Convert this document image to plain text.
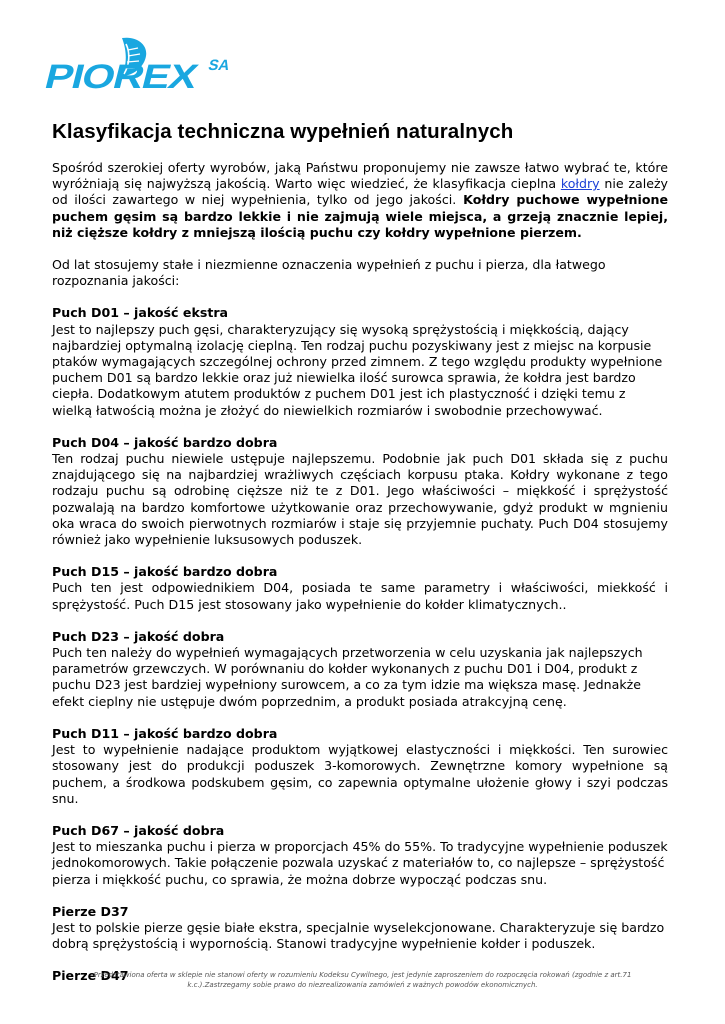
PIOREX	SA
Klasyfikacja techniczna wypełnień naturalnych

Spośród szerokiej oferty wyrobów, jaką Państwu proponujemy nie zawsze łatwo wybrać te, które wyróżniają się najwyższą jakością. Warto więc wiedzieć, że klasyfikacja cieplna kołdry nie zależy od ilości zawartego w niej wypełnienia, tylko od jego jakości. Kołdry puchowe wypełnione puchem gęsim są bardzo lekkie i nie zajmują wiele miejsca, a grzeją znacznie lepiej, niż cięższe kołdry z mniejszą ilością puchu czy kołdry wypełnione pierzem.

Od lat stosujemy stałe i niezmienne oznaczenia wypełnień z puchu i pierza, dla łatwego rozpoznania jakości:

Puch D01 – jakość ekstra
Jest to najlepszy puch gęsi, charakteryzujący się wysoką sprężystością i miękkością, dający najbardziej optymalną izolację cieplną. Ten rodzaj puchu pozyskiwany jest z miejsc na korpusie ptaków wymagających szczególnej ochrony przed zimnem. Z tego względu produkty wypełnione puchem D01 są bardzo lekkie oraz już niewielka ilość surowca sprawia, że kołdra jest bardzo ciepła. Dodatkowym atutem produktów z puchem D01 jest ich plastyczność i dzięki temu z wielką łatwością można je złożyć do niewielkich rozmiarów i swobodnie przechowywać.
Puch D04 – jakość bardzo dobra
Ten rodzaj puchu niewiele ustępuje najlepszemu. Podobnie jak puch D01 składa się z puchu znajdującego się na najbardziej wrażliwych częściach korpusu ptaka. Kołdry wykonane z tego rodzaju puchu są odrobinę cięższe niż te z D01. Jego właściwości – miękkość i sprężystość pozwalają na bardzo komfortowe użytkowanie oraz przechowywanie, gdyż produkt w mgnieniu oka wraca do swoich pierwotnych rozmiarów i staje się przyjemnie puchaty. Puch D04 stosujemy również jako wypełnienie luksusowych poduszek.
Puch D15 – jakość bardzo dobra
Puch ten jest odpowiednikiem D04, posiada te same parametry i właściwości, miekkość i sprężystość. Puch D15 jest stosowany jako wypełnienie do kołder klimatycznych..
Puch D23 – jakość dobra
Puch ten należy do wypełnień wymagających przetworzenia w celu uzyskania jak najlepszych parametrów grzewczych. W porównaniu do kołder wykonanych z puchu D01 i D04, produkt z puchu D23 jest bardziej wypełniony surowcem, a co za tym idzie ma większa masę. Jednakże efekt cieplny nie ustępuje dwóm poprzednim, a produkt posiada atrakcyjną cenę.
Puch D11 – jakość bardzo dobra
Jest to wypełnienie nadające produktom wyjątkowej elastyczności i miękkości. Ten surowiec stosowany jest do produkcji poduszek 3-komorowych. Zewnętrzne komory wypełnione są puchem, a środkowa podskubem gęsim, co zapewnia optymalne ułożenie głowy i szyi podczas snu.
Puch D67 – jakość dobra
Jest to mieszanka puchu i pierza w proporcjach 45% do 55%. To tradycyjne wypełnienie poduszek jednokomorowych. Takie połączenie pozwala uzyskać z materiałów to, co najlepsze – sprężystość pierza i miękkość puchu, co sprawia, że można dobrze wypocząć podczas snu.
Pierze D37
Jest to polskie pierze gęsie białe ekstra, specjalnie wyselekcjonowane. Charakteryzuje się bardzo dobrą sprężystością i wypornością. Stanowi tradycyjne wypełnienie kołder i poduszek.
Pierze D47
Przedstawiona oferta w sklepie nie stanowi oferty w rozumieniu Kodeksu Cywilnego, jest jedynie zaproszeniem do rozpoczęcia rokowań (zgodnie z art.71 k.c.).Zastrzegamy sobie prawo do niezrealizowania zamówień z ważnych powodów ekonomicznych.
